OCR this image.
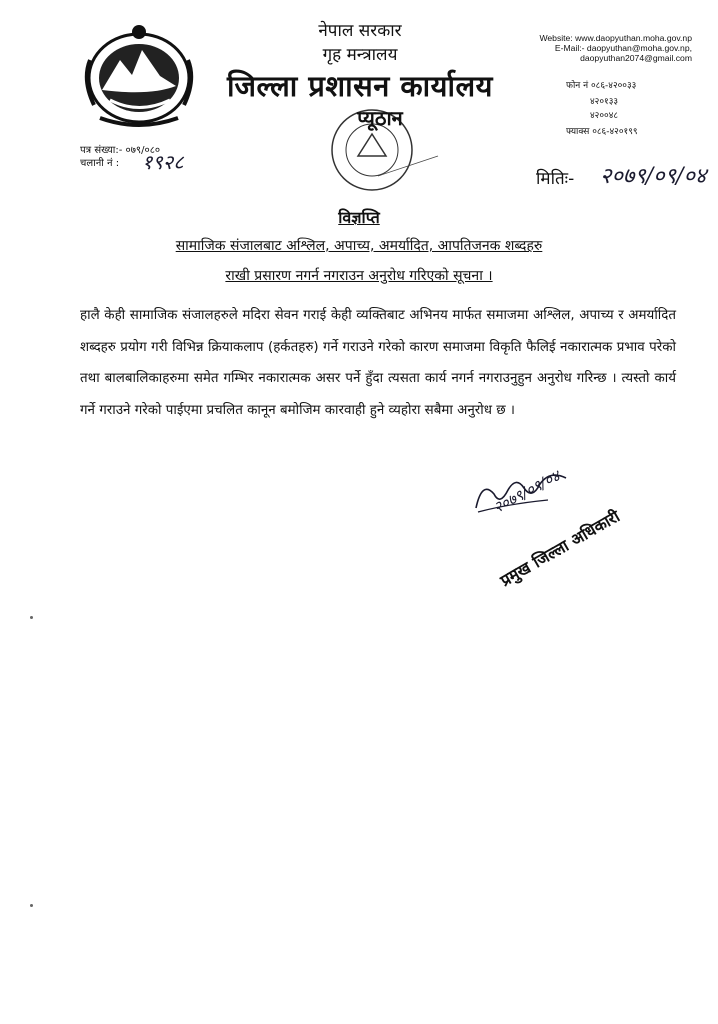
नेपाल सरकार
गृह मन्त्रालय
जिल्ला प्रशासन कार्यालय
प्यूठान
Website: www.daopyuthan.moha.gov.np
E-Mail:- daopyuthan@moha.gov.np,
daopyuthan2074@gmail.com
फोन नं ०८६-४२००३३
४२०१३३
४२००४८
फ्याक्स ०८६-४२०१९९
पत्र संख्या:- ०७९/०८०
चलानी नं : १९२८
मितिः- २०७९/०९/०४
विज्ञप्ति
सामाजिक संजालबाट अश्लिल, अपाच्य, अमर्यादित, आपतिजनक शब्दहरु
राखी प्रसारण नगर्न नगराउन अनुरोध गरिएको सूचना ।
हालै केही सामाजिक संजालहरुले मदिरा सेवन गराई केही व्यक्तिबाट अभिनय मार्फत समाजमा अश्लिल, अपाच्य र अमर्यादित शब्दहरु प्रयोग गरी विभिन्न क्रियाकलाप (हर्कतहरु) गर्ने गराउने गरेको कारण समाजमा विकृति फैलिई नकारात्मक प्रभाव परेको तथा बालबालिकाहरुमा समेत गम्भिर नकारात्मक असर पर्ने हुँदा त्यसता कार्य नगर्न नगराउनुहुन अनुरोध गरिन्छ । त्यस्तो कार्य गर्ने गराउने गरेको पाईएमा प्रचलित कानून बमोजिम कारवाही हुने व्यहोरा सबैमा अनुरोध छ ।
२०७९/०९/०४
प्रमुख जिल्ला अधिकारी
